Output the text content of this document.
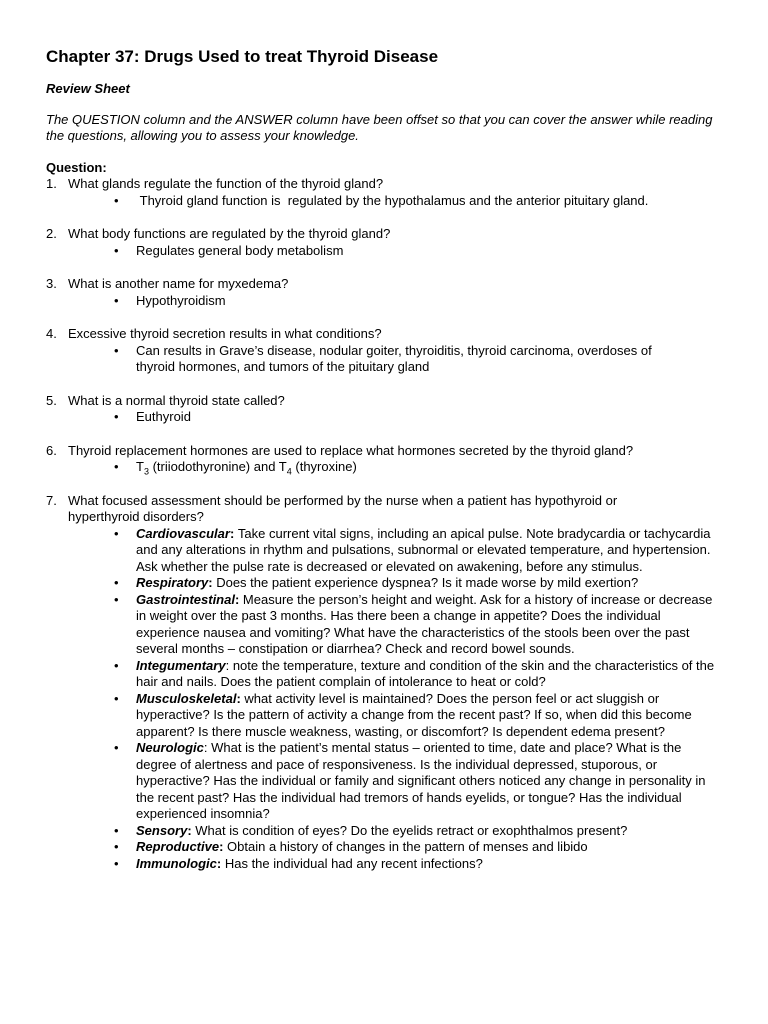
Chapter 37: Drugs Used to treat Thyroid Disease
Review Sheet
The QUESTION column and the ANSWER column have been offset so that you can cover the answer while reading the questions, allowing you to assess your knowledge.
Question:
1. What glands regulate the function of the thyroid gland?
•	Thyroid gland function is  regulated by the hypothalamus and the anterior pituitary gland.
2. What body functions are regulated by the thyroid gland?
•	Regulates general body metabolism
3. What is another name for myxedema?
•	Hypothyroidism
4. Excessive thyroid secretion results in what conditions?
•	Can results in Grave’s disease, nodular goiter, thyroiditis, thyroid carcinoma, overdoses of thyroid hormones, and tumors of the pituitary gland
5. What is a normal thyroid state called?
•	Euthyroid
6. Thyroid replacement hormones are used to replace what hormones secreted by the thyroid gland?
•	$T_3$ (triiodothyronine) and $T_4$ (thyroxine)
7. What focused assessment should be performed by the nurse when a patient has hypothyroid or hyperthyroid disorders?
•	Cardiovascular: Take current vital signs, including an apical pulse. Note bradycardia or tachycardia and any alterations in rhythm and pulsations, subnormal or elevated temperature, and hypertension. Ask whether the pulse rate is decreased or elevated on awakening, before any stimulus.
•	Respiratory: Does the patient experience dyspnea? Is it made worse by mild exertion?
•	Gastrointestinal: Measure the person’s height and weight. Ask for a history of increase or decrease in weight over the past 3 months. Has there been a change in appetite? Does the individual experience nausea and vomiting? What have the characteristics of the stools been over the past several months – constipation or diarrhea? Check and record bowel sounds.
•	Integumentary: note the temperature, texture and condition of the skin and the characteristics of the hair and nails. Does the patient complain of intolerance to heat or cold?
•	Musculoskeletal: what activity level is maintained? Does the person feel or act sluggish or hyperactive? Is the pattern of activity a change from the recent past? If so, when did this become apparent? Is there muscle weakness, wasting, or discomfort? Is dependent edema present?
•	Neurologic: What is the patient’s mental status – oriented to time, date and place? What is the degree of alertness and pace of responsiveness. Is the individual depressed, stuporous, or hyperactive? Has the individual or family and significant others noticed any change in personality in the recent past? Has the individual had tremors of hands eyelids, or tongue? Has the individual experienced insomnia?
•	Sensory: What is condition of eyes? Do the eyelids retract or exophthalmos present?
•	Reproductive: Obtain a history of changes in the pattern of menses and libido
•	Immunologic: Has the individual had any recent infections?
